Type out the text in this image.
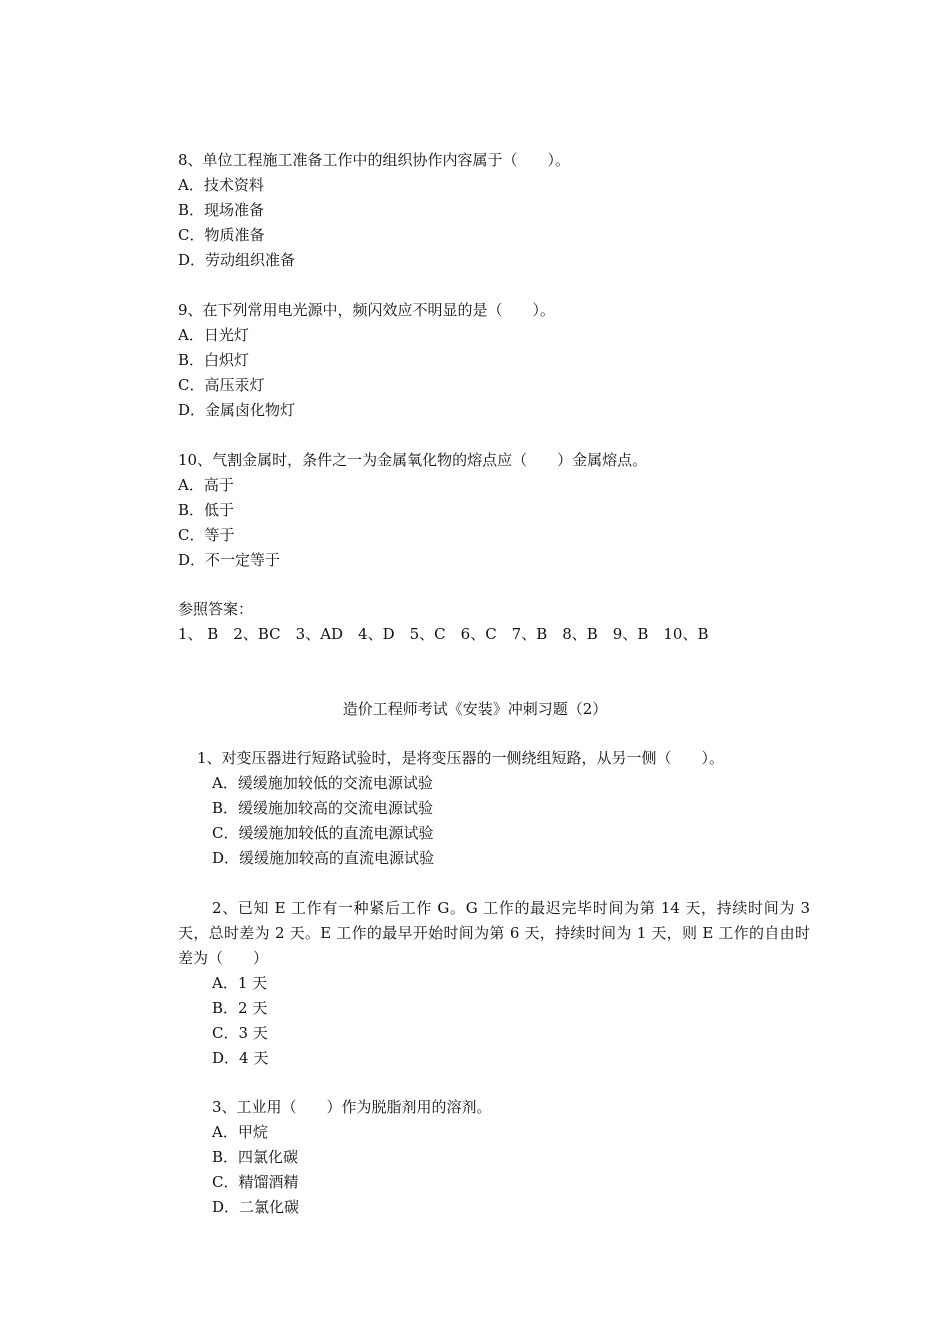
8、单位工程施工准备工作中的组织协作内容属于（　　）。
A．技术资料
B．现场准备
C．物质准备
D．劳动组织准备
9、在下列常用电光源中，频闪效应不明显的是（　　）。
A．日光灯
B．白炽灯
C．高压汞灯
D．金属卤化物灯
10、气割金属时，条件之一为金属氧化物的熔点应（　　）金属熔点。
A．高于
B．低于
C．等于
D．不一定等于
参照答案：
1、 B　2、BC　3、AD　4、D　5、C　6、C　7、B　8、B　9、B　10、B
造价工程师考试《安装》冲刺习题（2）
1、对变压器进行短路试验时，是将变压器的一侧绕组短路，从另一侧（　　）。
A．缓缓施加较低的交流电源试验
B．缓缓施加较高的交流电源试验
C．缓缓施加较低的直流电源试验
D．缓缓施加较高的直流电源试验
2、已知 E 工作有一种紧后工作 G。G 工作的最迟完毕时间为第 14 天，持续时间为 3 天，总时差为 2 天。E 工作的最早开始时间为第 6 天，持续时间为 1 天，则 E 工作的自由时差为（　　）
A．1 天
B．2 天
C．3 天
D．4 天
3、工业用（　　）作为脱脂剂用的溶剂。
A．甲烷
B．四氯化碳
C．精馏酒精
D．二氯化碳
